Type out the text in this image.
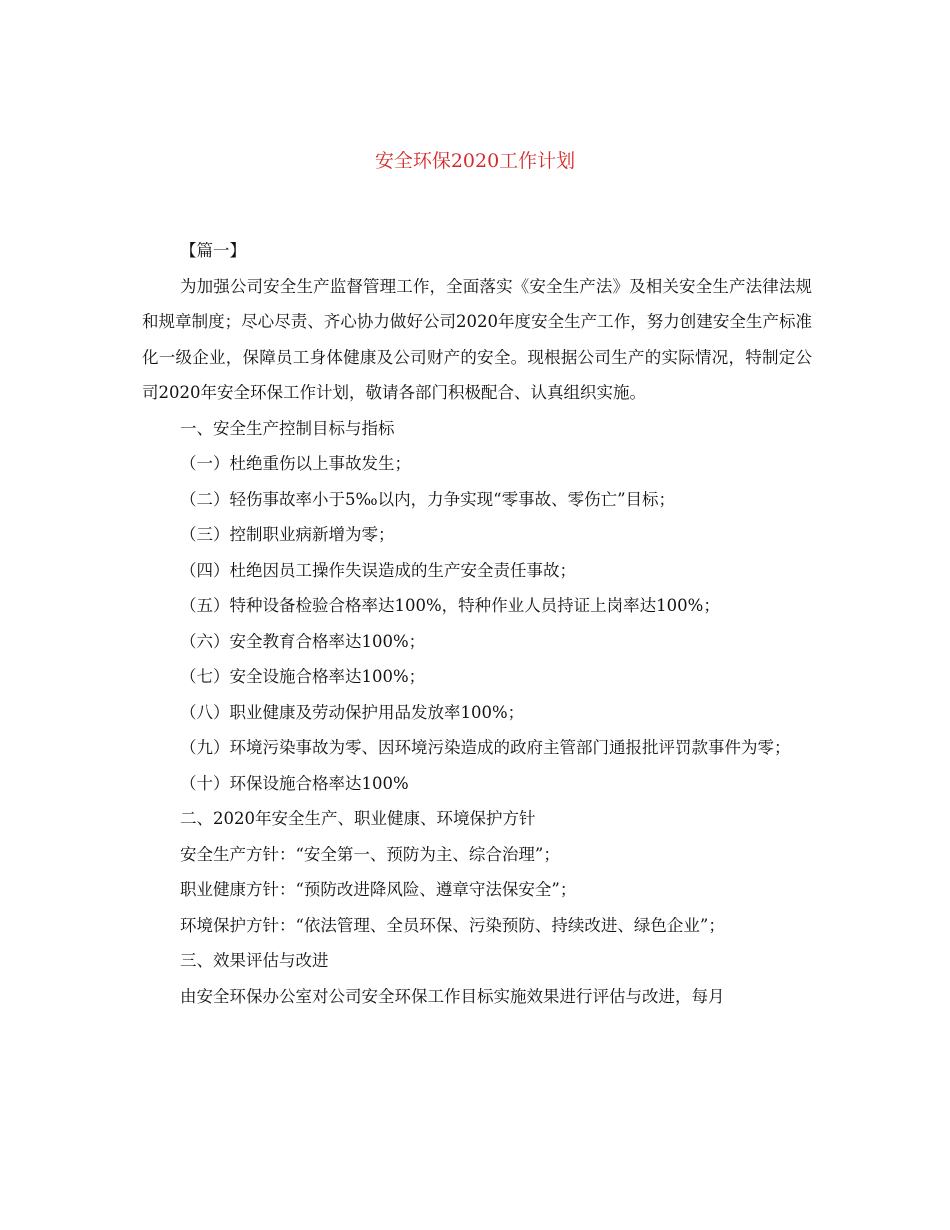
安全环保2020工作计划

【篇一】

为加强公司安全生产监督管理工作，全面落实《安全生产法》及相关安全生产法律法规和规章制度；尽心尽责、齐心协力做好公司2020年度安全生产工作，努力创建安全生产标准化一级企业，保障员工身体健康及公司财产的安全。现根据公司生产的实际情况，特制定公司2020年安全环保工作计划，敬请各部门积极配合、认真组织实施。

一、安全生产控制目标与指标

（一）杜绝重伤以上事故发生；

（二）轻伤事故率小于5‰以内，力争实现“零事故、零伤亡”目标；

（三）控制职业病新增为零；

（四）杜绝因员工操作失误造成的生产安全责任事故；

（五）特种设备检验合格率达100%，特种作业人员持证上岗率达100%；

（六）安全教育合格率达100%；

（七）安全设施合格率达100%；

（八）职业健康及劳动保护用品发放率100%；

（九）环境污染事故为零、因环境污染造成的政府主管部门通报批评罚款事件为零；

（十）环保设施合格率达100%

二、2020年安全生产、职业健康、环境保护方针

安全生产方针：“安全第一、预防为主、综合治理”；

职业健康方针：“预防改进降风险、遵章守法保安全”；

环境保护方针：“依法管理、全员环保、污染预防、持续改进、绿色企业”；

三、效果评估与改进

由安全环保办公室对公司安全环保工作目标实施效果进行评估与改进，每月
